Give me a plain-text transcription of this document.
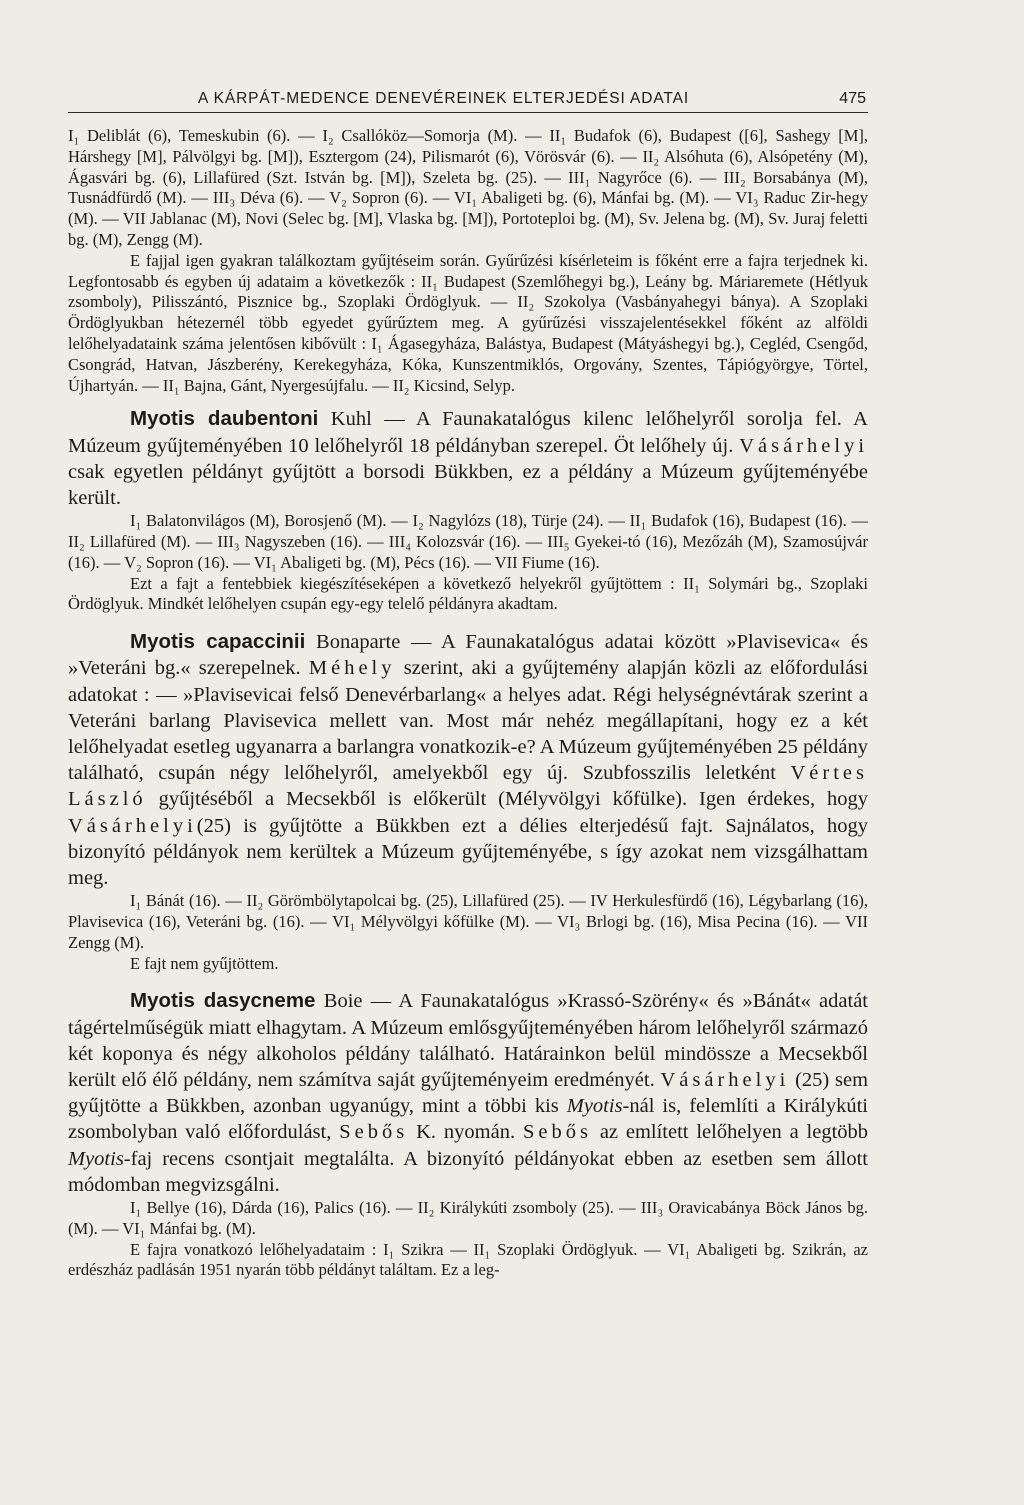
A KÁRPÁT-MEDENCE DENEVÉREINEK ELTERJEDÉSI ADATAI	475

I₁ Deliblát (6), Temeskubin (6). — I₂ Csallóköz—Somorja (M). — II₁ Budafok (6), Budapest ([6], Sashegy [M], Hárshegy [M], Pálvölgyi bg. [M]), Esztergom (24), Pilismarót (6), Vörösvár (6). — II₂ Alsóhuta (6), Alsópetény (M), Ágasvári bg. (6), Lillafüred (Szt. István bg. [M]), Szeleta bg. (25). — III₁ Nagyrőce (6). — III₂ Borsabánya (M), Tusnádfürdő (M). — III₃ Déva (6). — V₂ Sopron (6). — VI₁ Abaligeti bg. (6), Mánfai bg. (M). — VI₃ Raduc Zir-hegy (M). — VII Jablanac (M), Novi (Selec bg. [M], Vlaska bg. [M]), Portoteploi bg. (M), Sv. Jelena bg. (M), Sv. Juraj feletti bg. (M), Zengg (M).

E fajjal igen gyakran találkoztam gyűjtéseim során. Gyűrűzési kísérleteim is főként erre a fajra terjednek ki. Legfontosabb és egyben új adataim a következők : II₁ Budapest (Szemlőhegyi bg.), Leány bg. Máriaremete (Hétlyuk zsomboly), Pilisszántó, Pisznice bg., Szoplaki Ördöglyuk. — II₂ Szokolya (Vasbányahegyi bánya). A Szoplaki Ördöglyukban hétezernél több egyedet gyűrűztem meg. A gyűrűzési visszajelentésekkel főként az alföldi lelőhelyadataink száma jelentősen kibővült : I₁ Ágasegyháza, Balástya, Budapest (Mátyáshegyi bg.), Cegléd, Csengőd, Csongrád, Hatvan, Jászberény, Kerekegyháza, Kóka, Kunszentmiklós, Orgovány, Szentes, Tápiógyörgye, Törtel, Újhartyán. — II₁ Bajna, Gánt, Nyergesújfalu. — II₂ Kicsind, Selyp.

Myotis daubentoni Kuhl — A Faunakatalógus kilenc lelőhelyről sorolja fel. A Múzeum gyűjteményében 10 lelőhelyről 18 példányban szerepel. Öt lelőhely új. Vásárhelyi csak egyetlen példányt gyűjtött a borsodi Bükkben, ez a példány a Múzeum gyűjteményébe került.

I₁ Balatonvilágos (M), Borosjenő (M). — I₂ Nagylózs (18), Türje (24). — II₁ Budafok (16), Budapest (16). — II₂ Lillafüred (M). — III₃ Nagyszeben (16). — III₄ Kolozsvár (16). — III₅ Gyekei-tó (16), Mezőzáh (M), Szamosújvár (16). — V₂ Sopron (16). — VI₁ Abaligeti bg. (M), Pécs (16). — VII Fiume (16).

Ezt a fajt a fentebbiek kiegészítéseképen a következő helyekről gyűjtöttem : II₁ Solymári bg., Szoplaki Ördöglyuk. Mindkét lelőhelyen csupán egy-egy telelő példányra akadtam.

Myotis capaccinii Bonaparte — A Faunakatalógus adatai között »Plavisevica« és »Veteráni bg.« szerepelnek. Méhely szerint, aki a gyűjtemény alapján közli az előfordulási adatokat : — »Plavisevicai felső Denevérbarlang« a helyes adat. Régi helységnévtárak szerint a Veteráni barlang Plavisevica mellett van. Most már nehéz megállapítani, hogy ez a két lelőhelyadat esetleg ugyanarra a barlangra vonatkozik-e? A Múzeum gyűjteményében 25 példány található, csupán négy lelőhelyről, amelyekből egy új. Szubfosszilis leletként Vértes László gyűjtéséből a Mecsekből is előkerült (Mélyvölgyi kőfülke). Igen érdekes, hogy Vásárhelyi(25) is gyűjtötte a Bükkben ezt a délies elterjedésű fajt. Sajnálatos, hogy bizonyító példányok nem kerültek a Múzeum gyűjteményébe, s így azokat nem vizsgálhattam meg.

I₁ Bánát (16). — II₂ Görömbölytapolcai bg. (25), Lillafüred (25). — IV Herkulesfürdő (16), Légybarlang (16), Plavisevica (16), Veteráni bg. (16). — VI₁ Mélyvölgyi kőfülke (M). — VI₃ Brlogi bg. (16), Misa Pecina (16). — VII Zengg (M).

E fajt nem gyűjtöttem.

Myotis dasycneme Boie — A Faunakatalógus »Krassó-Szörény« és »Bánát« adatát tágértelműségük miatt elhagytam. A Múzeum emlősgyűjteményében három lelőhelyről származó két koponya és négy alkoholos példány található. Határainkon belül mindössze a Mecsekből került elő élő példány, nem számítva saját gyűjteményeim eredményét. Vásárhelyi (25) sem gyűjtötte a Bükkben, azonban ugyanúgy, mint a többi kis Myotis-nál is, felemlíti a Királykúti zsombolyban való előfordulást, Sebős K. nyomán. Sebős az említett lelőhelyen a legtöbb Myotis-faj recens csontjait megtalálta. A bizonyító példányokat ebben az esetben sem állott módomban megvizsgálni.

I₁ Bellye (16), Dárda (16), Palics (16). — II₂ Királykúti zsomboly (25). — III₃ Oravicabánya Böck János bg. (M). — VI₁ Mánfai bg. (M).

E fajra vonatkozó lelőhelyadataim : I₁ Szikra — II₁ Szoplaki Ördöglyuk. — VI₁ Abaligeti bg. Szikrán, az erdészház padlásán 1951 nyarán több példányt találtam. Ez a leg-
